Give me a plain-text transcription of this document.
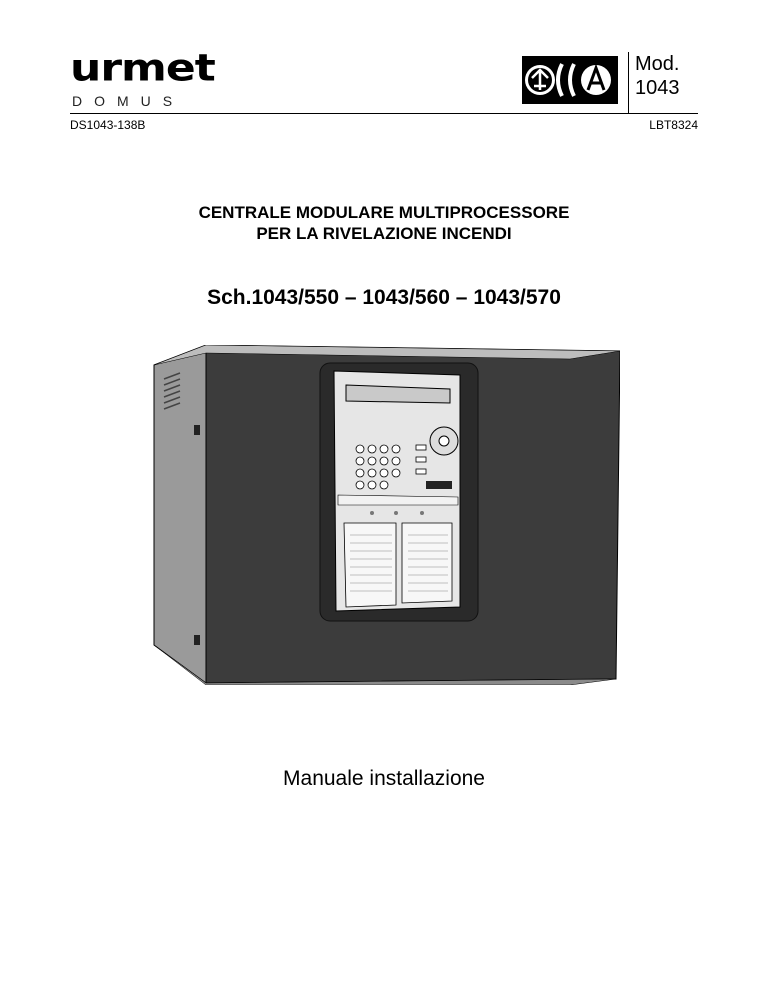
urmet
DOMUS
Mod.
1043
DS1043-138B	LBT8324
CENTRALE MODULARE MULTIPROCESSORE
PER LA RIVELAZIONE INCENDI
Sch.1043/550 – 1043/560 – 1043/570
Manuale installazione
